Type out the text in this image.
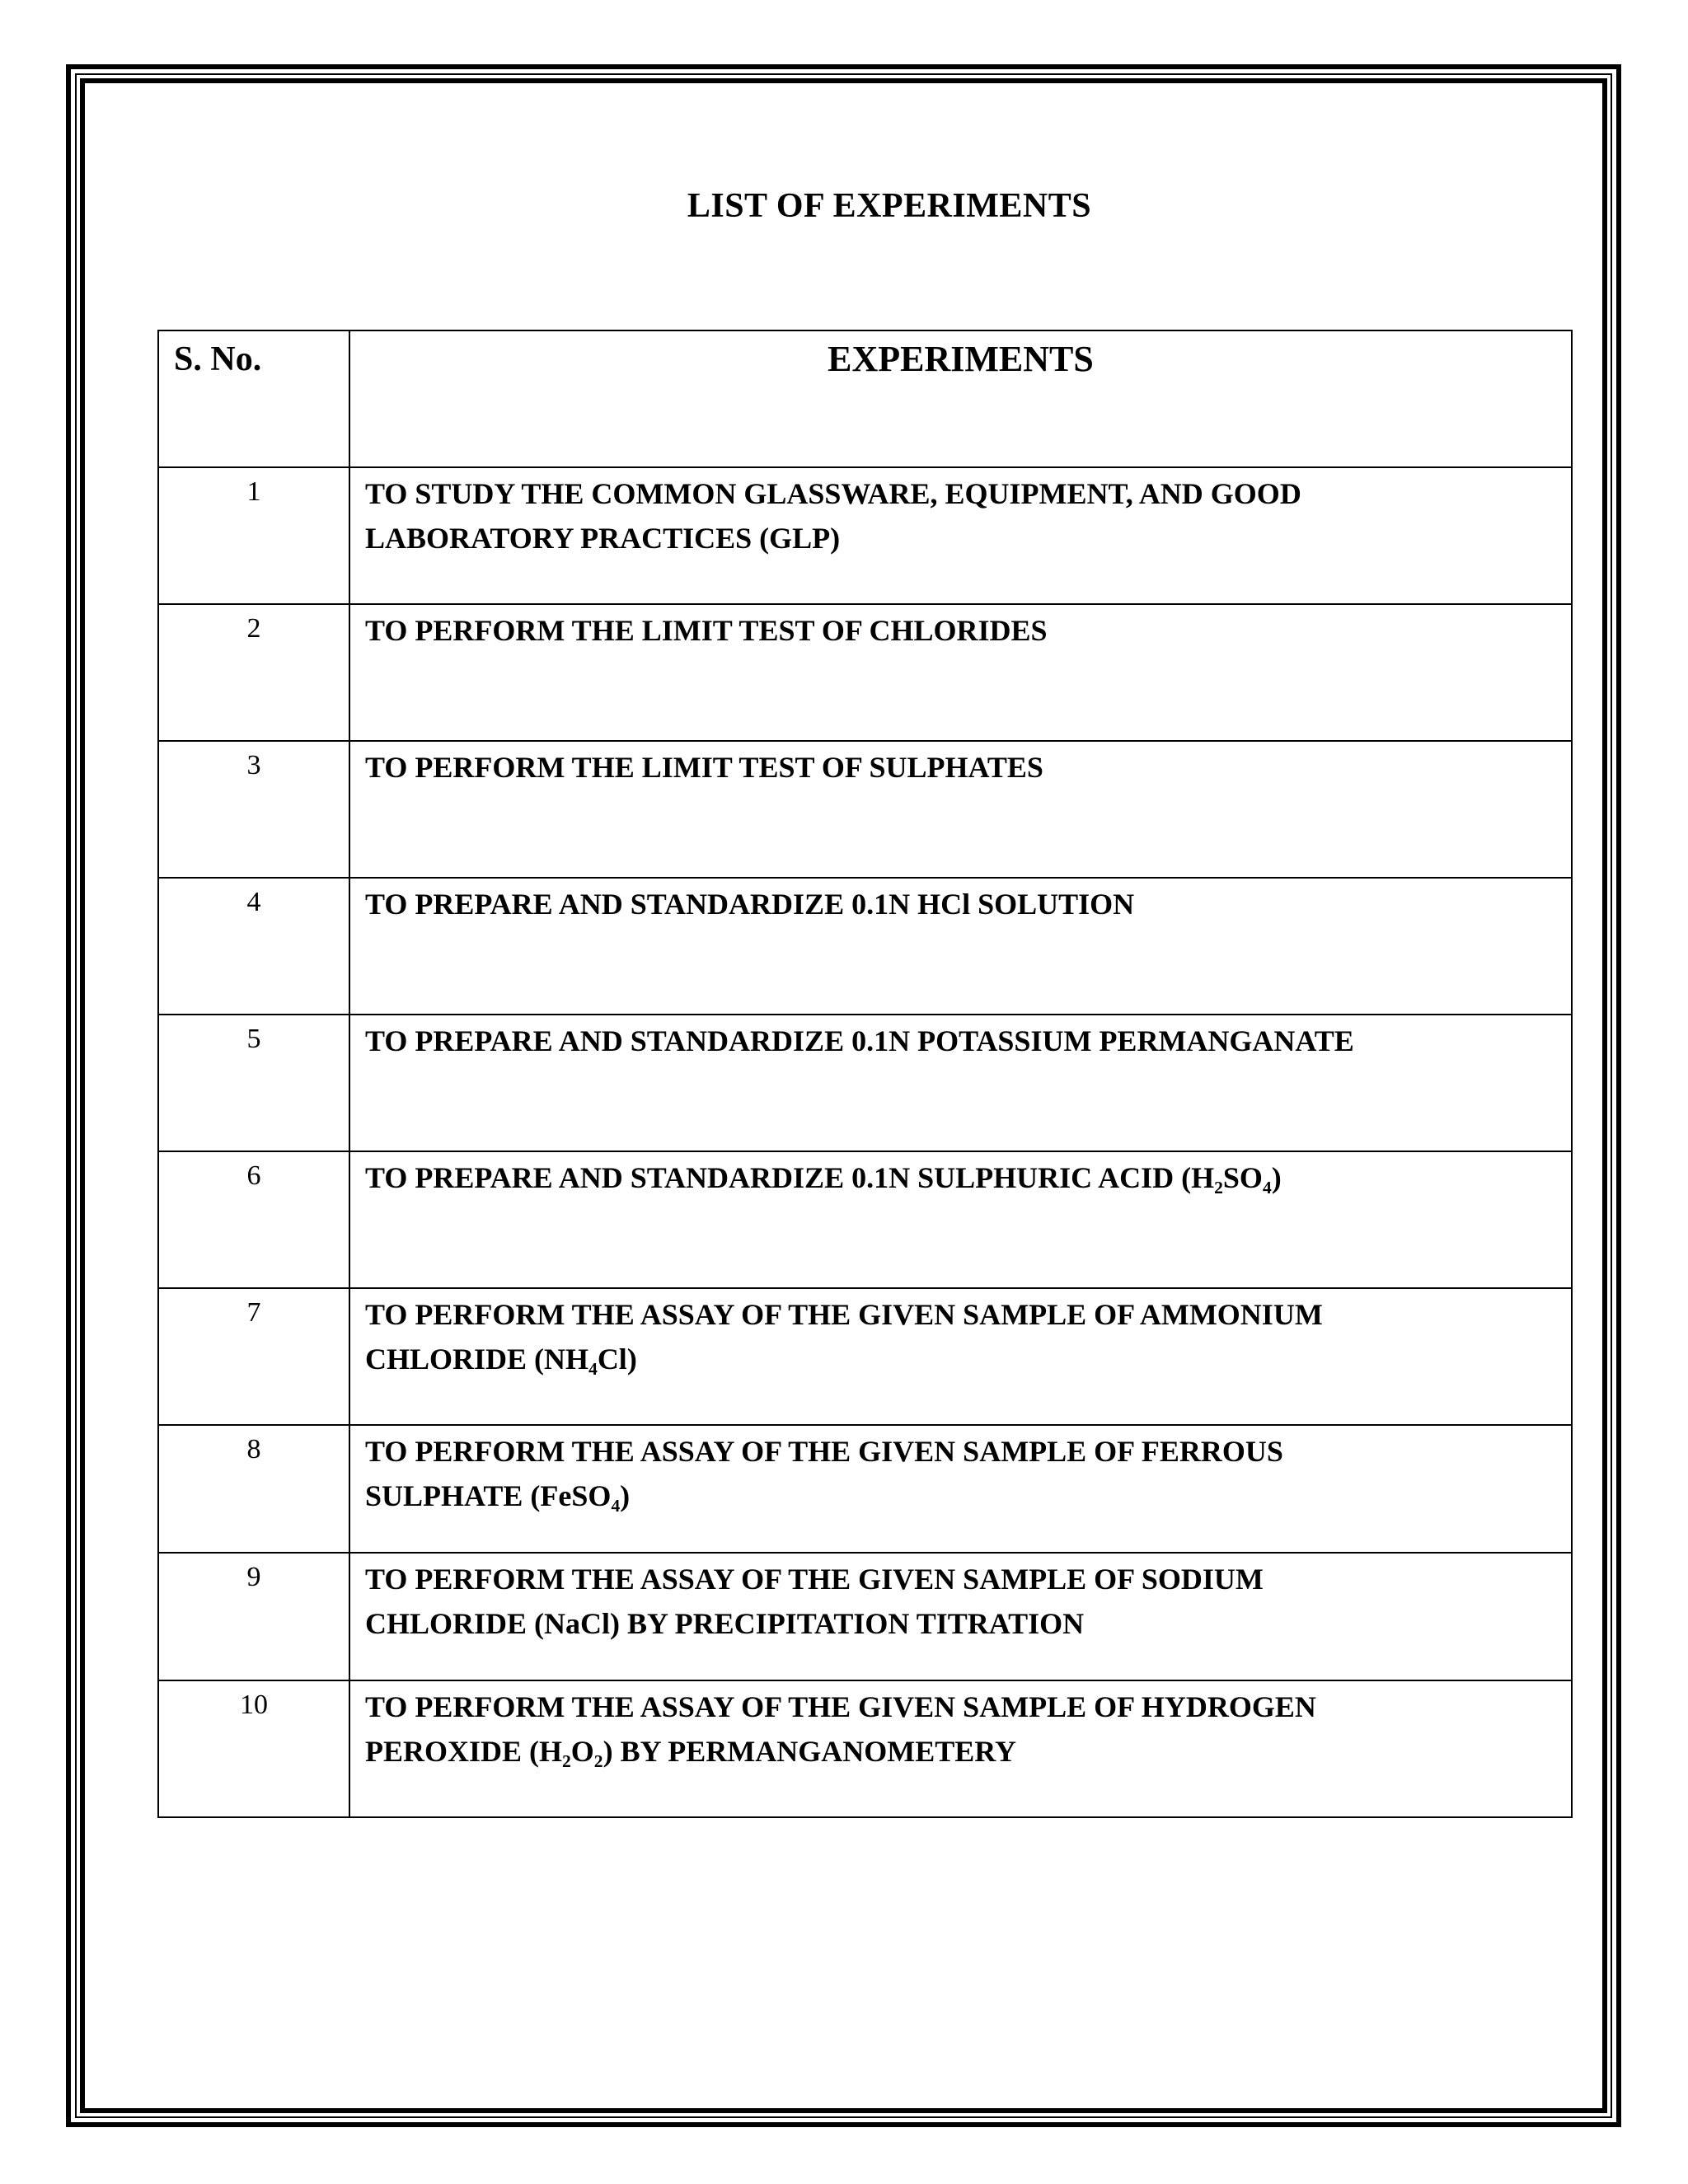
LIST OF EXPERIMENTS
S. No.	EXPERIMENTS
1	TO STUDY THE COMMON GLASSWARE, EQUIPMENT, AND GOOD
LABORATORY PRACTICES (GLP)

2	TO PERFORM THE LIMIT TEST OF CHLORIDES

3	TO PERFORM THE LIMIT TEST OF SULPHATES

4	TO PREPARE AND STANDARDIZE 0.1N HCl SOLUTION

5	TO PREPARE AND STANDARDIZE 0.1N POTASSIUM PERMANGANATE

6	TO PREPARE AND STANDARDIZE 0.1N SULPHURIC ACID (H₂SO₄)

7	TO PERFORM THE ASSAY OF THE GIVEN SAMPLE OF AMMONIUM
CHLORIDE (NH₄Cl)

8	TO PERFORM THE ASSAY OF THE GIVEN SAMPLE OF FERROUS
SULPHATE (FeSO₄)

9	TO PERFORM THE ASSAY OF THE GIVEN SAMPLE OF SODIUM
CHLORIDE (NaCl) BY PRECIPITATION TITRATION

10	TO PERFORM THE ASSAY OF THE GIVEN SAMPLE OF HYDROGEN
PEROXIDE (H₂O₂) BY PERMANGANOMETERY
